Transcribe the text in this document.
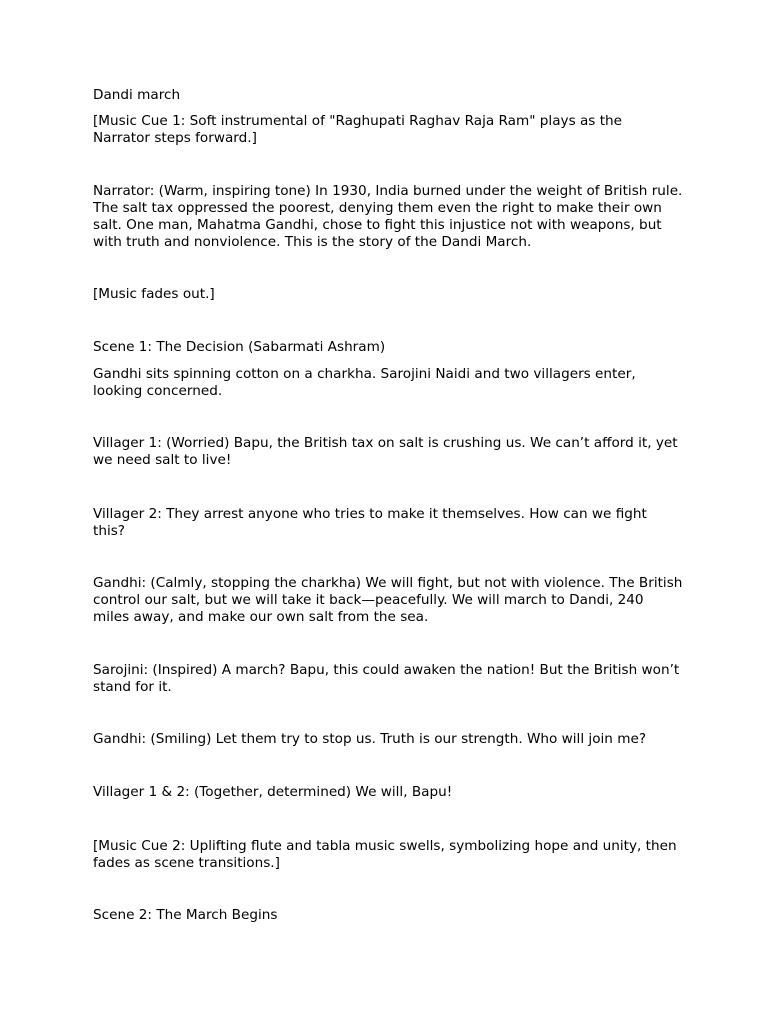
Dandi march

[Music Cue 1: Soft instrumental of "Raghupati Raghav Raja Ram" plays as the Narrator steps forward.]

Narrator: (Warm, inspiring tone) In 1930, India burned under the weight of British rule. The salt tax oppressed the poorest, denying them even the right to make their own salt. One man, Mahatma Gandhi, chose to fight this injustice not with weapons, but with truth and nonviolence. This is the story of the Dandi March.

[Music fades out.]

Scene 1: The Decision (Sabarmati Ashram)

Gandhi sits spinning cotton on a charkha. Sarojini Naidi and two villagers enter, looking concerned.

Villager 1: (Worried) Bapu, the British tax on salt is crushing us. We can’t afford it, yet we need salt to live!

Villager 2: They arrest anyone who tries to make it themselves. How can we fight this?

Gandhi: (Calmly, stopping the charkha) We will fight, but not with violence. The British control our salt, but we will take it back—peacefully. We will march to Dandi, 240 miles away, and make our own salt from the sea.

Sarojini: (Inspired) A march? Bapu, this could awaken the nation! But the British won’t stand for it.

Gandhi: (Smiling) Let them try to stop us. Truth is our strength. Who will join me?

Villager 1 & 2: (Together, determined) We will, Bapu!

[Music Cue 2: Uplifting flute and tabla music swells, symbolizing hope and unity, then fades as scene transitions.]

Scene 2: The March Begins
